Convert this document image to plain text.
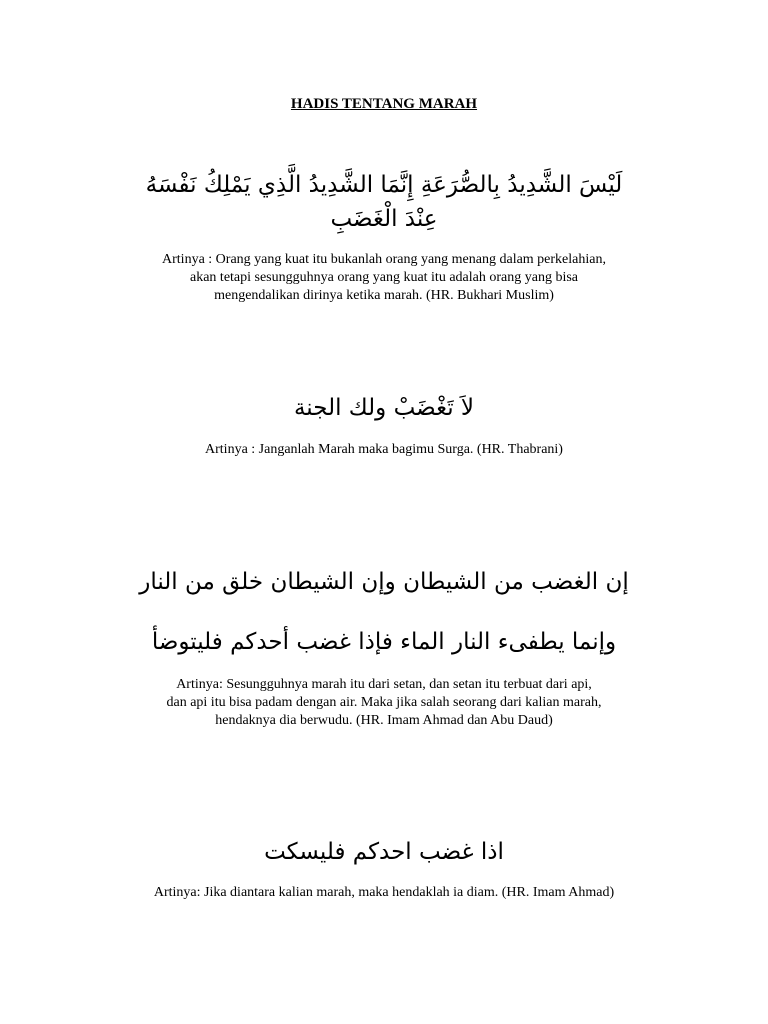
HADIS TENTANG MARAH
لَيْسَ الشَّدِيدُ بِالصُّرَعَةِ إِنَّمَا الشَّدِيدُ الَّذِي يَمْلِكُ نَفْسَهُ
عِنْدَ الْغَضَبِ
Artinya : Orang yang kuat itu bukanlah orang yang menang dalam perkelahian,
akan tetapi sesungguhnya orang yang kuat itu adalah orang yang bisa
mengendalikan dirinya ketika marah. (HR. Bukhari Muslim)
لاَ تَغْضَبْ ولك الجنة
Artinya : Janganlah Marah maka bagimu Surga. (HR. Thabrani)
إن الغضب من الشيطان وإن الشيطان خلق من النار
وإنما يطفىء النار الماء فإذا غضب أحدكم فليتوضأ
Artinya: Sesungguhnya marah itu dari setan, dan setan itu terbuat dari api,
dan api itu bisa padam dengan air. Maka jika salah seorang dari kalian marah,
hendaknya dia berwudu. (HR. Imam Ahmad dan Abu Daud)
اذا غضب احدكم فليسكت
Artinya: Jika diantara kalian marah, maka hendaklah ia diam. (HR. Imam Ahmad)
